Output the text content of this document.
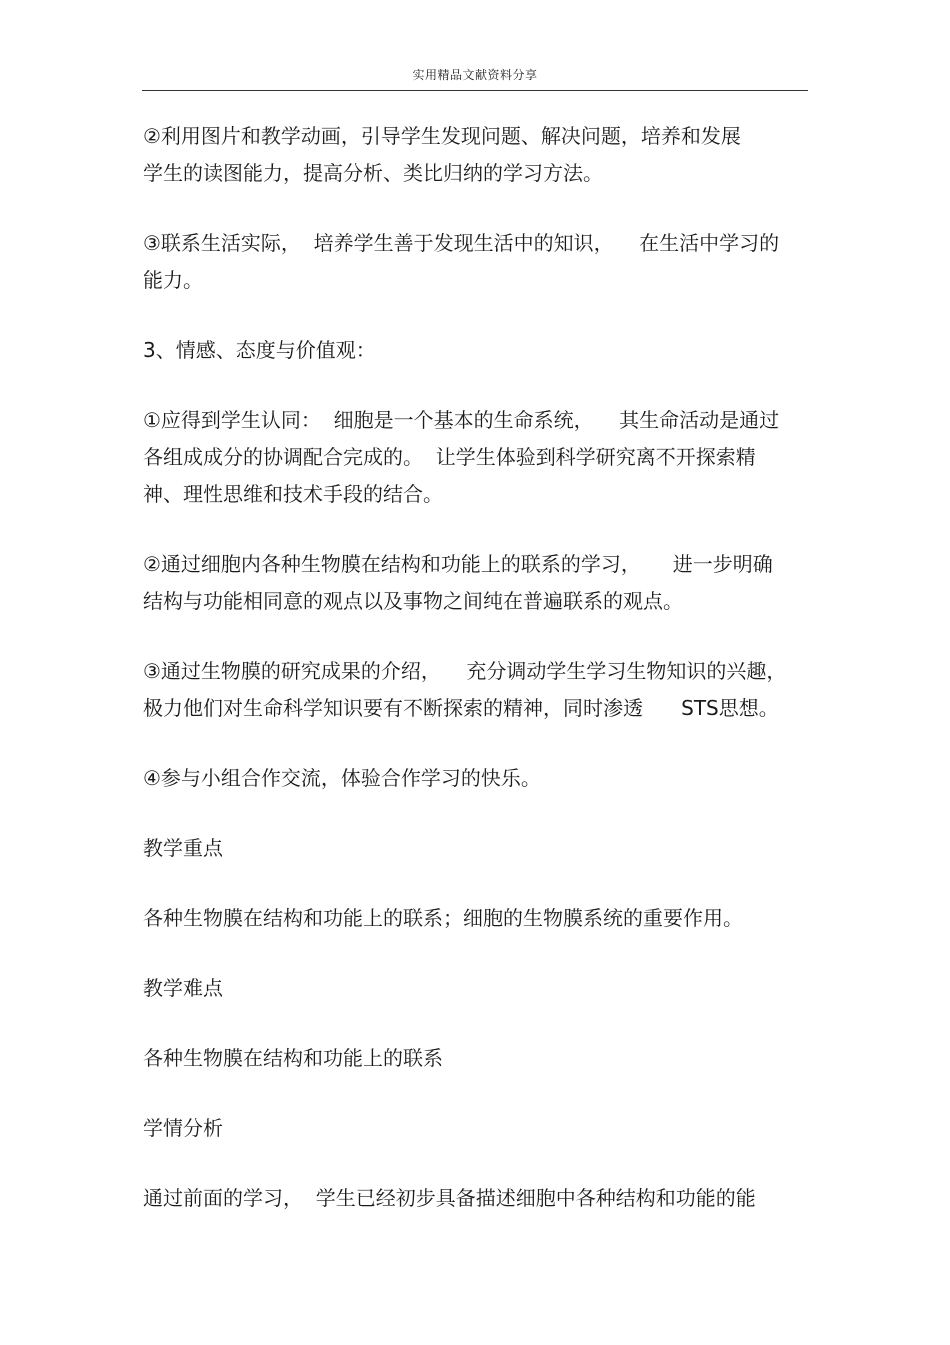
实用精品文献资料分享

②利用图片和教学动画，引导学生发现问题、解决问题，培养和发展
学生的读图能力，提高分析、类比归纳的学习方法。

③联系生活实际，  培养学生善于发现生活中的知识，    在生活中学习的
能力。

3、情感、态度与价值观：

①应得到学生认同：  细胞是一个基本的生命系统，    其生命活动是通过
各组成成分的协调配合完成的。  让学生体验到科学研究离不开探索精
神、理性思维和技术手段的结合。

②通过细胞内各种生物膜在结构和功能上的联系的学习，     进一步明确
结构与功能相同意的观点以及事物之间纯在普遍联系的观点。

③通过生物膜的研究成果的介绍，    充分调动学生学习生物知识的兴趣，
极力他们对生命科学知识要有不断探索的精神，同时渗透      STS思想。

④参与小组合作交流，体验合作学习的快乐。

教学重点

各种生物膜在结构和功能上的联系；细胞的生物膜系统的重要作用。

教学难点

各种生物膜在结构和功能上的联系

学情分析

通过前面的学习，  学生已经初步具备描述细胞中各种结构和功能的能
